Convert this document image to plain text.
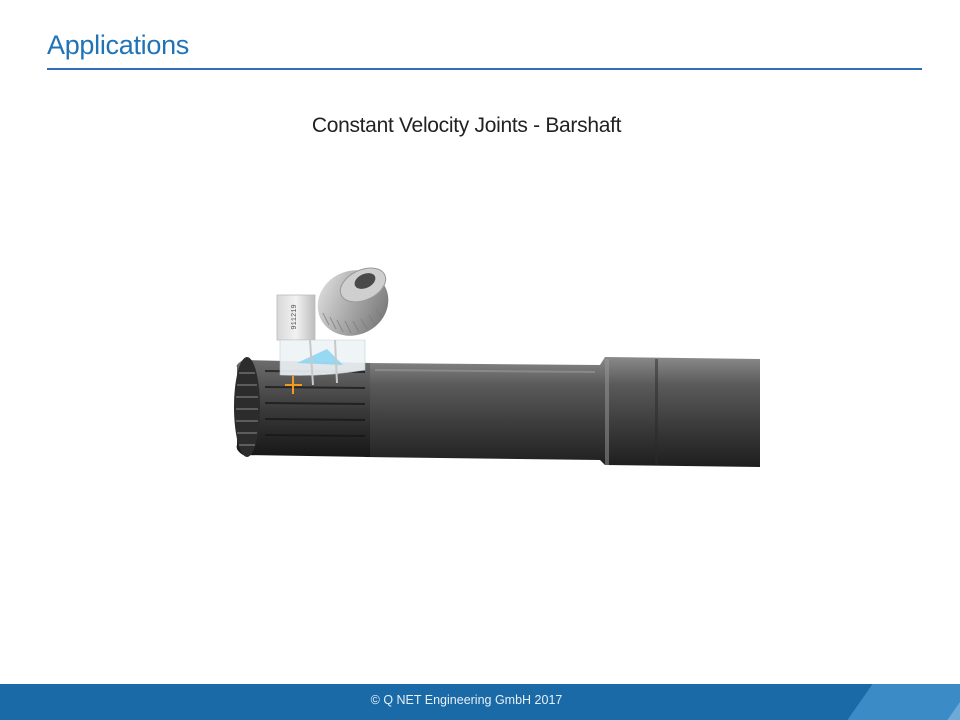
Applications
Constant Velocity Joints - Barshaft
911219
© Q NET Engineering GmbH 2017
